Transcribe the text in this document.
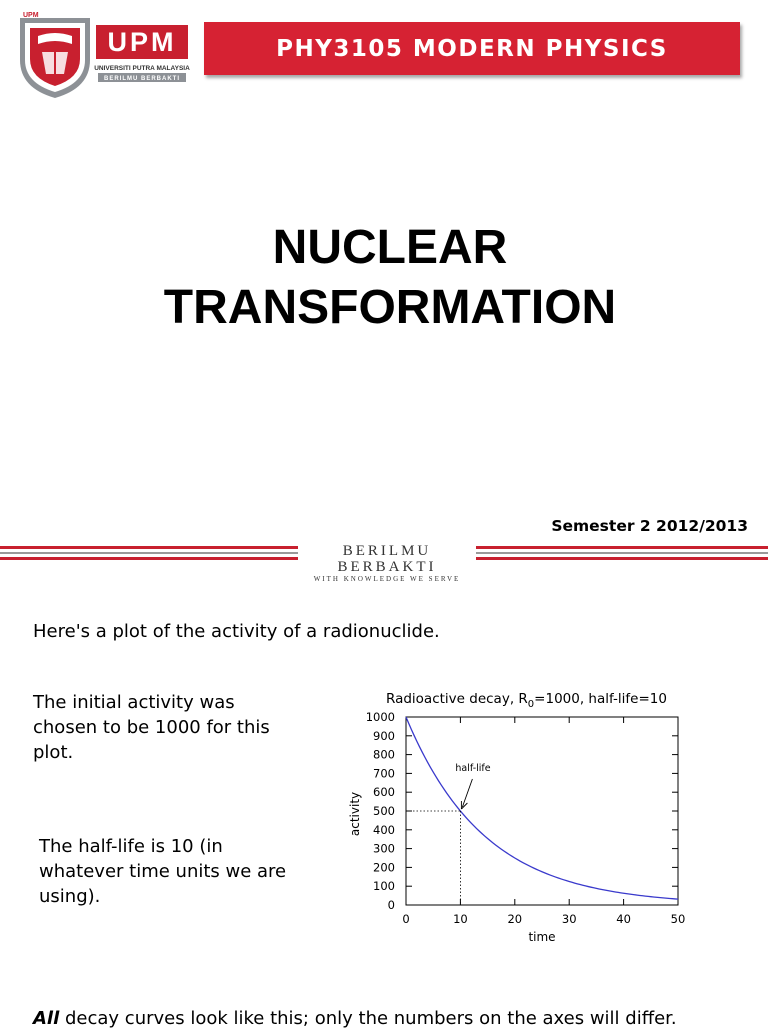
UPM
UPM
UNIVERSITI PUTRA MALAYSIA
BERILMU BERBAKTI
PHY3105 MODERN PHYSICS
NUCLEAR
TRANSFORMATION
Semester 2 2012/2013
BERILMU BERBAKTI
WITH KNOWLEDGE WE SERVE
Here's a plot of the activity of a radionuclide.
The initial activity was chosen to be 1000 for this plot.
The half-life is 10 (in whatever time units we are using).
All decay curves look like this; only the numbers on the axes will differ.
Radioactive decay, $R_0=1000$, half-life=10
0
100
200
300
400
500
600
700
800
900
1000
0	10	20	30	40	50
half-life
time
activity
